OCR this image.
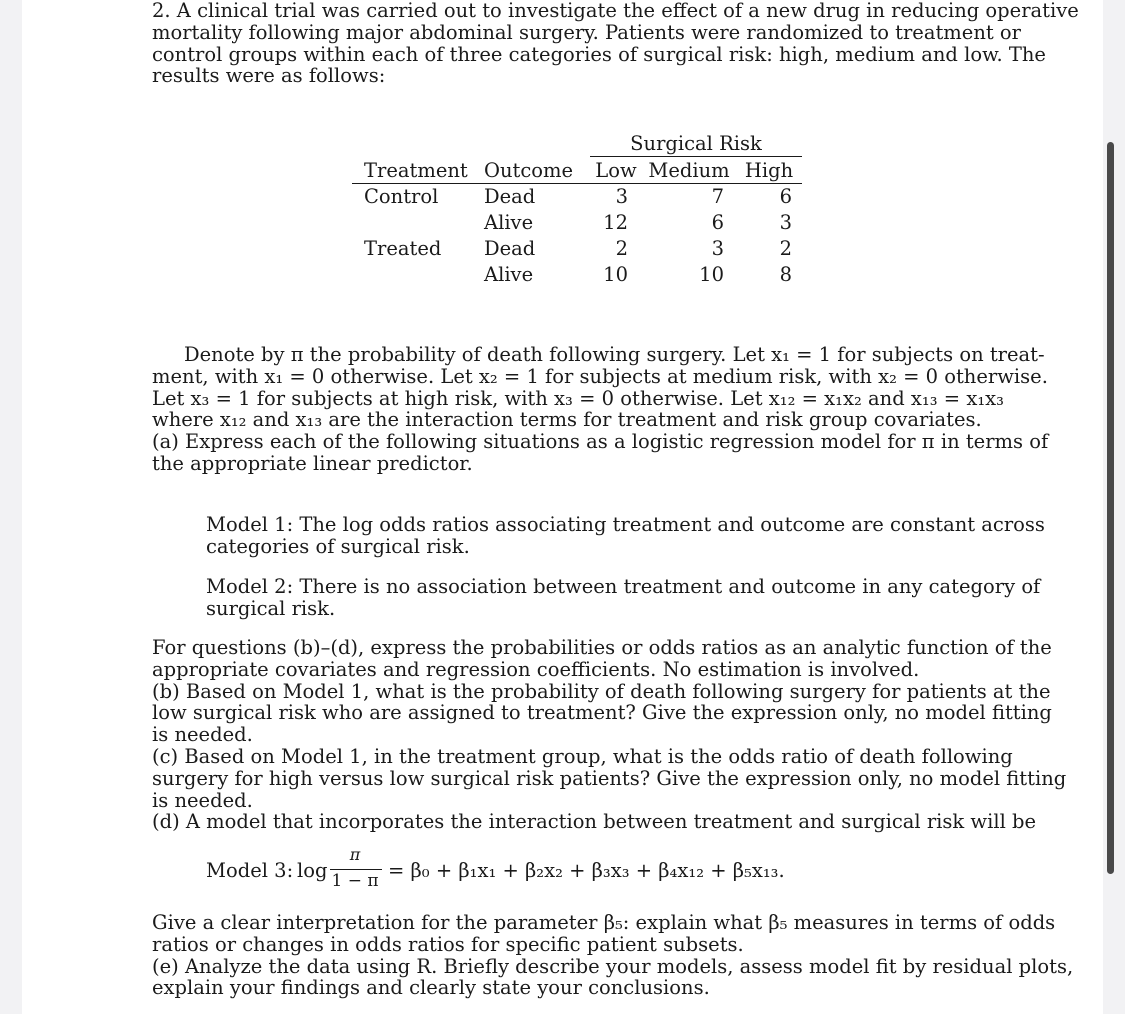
2. A clinical trial was carried out to investigate the effect of a new drug in reducing operative
mortality following major abdominal surgery. Patients were randomized to treatment or
control groups within each of three categories of surgical risk: high, medium and low. The
results were as follows:
Surgical Risk
Treatment Outcome	Low Medium High
Control Dead	3	7	6
Alive	12	6	3
Treated Dead	2	3	2
Alive	10	10	8
Denote by π the probability of death following surgery. Let x₁ = 1 for subjects on treat-
ment, with x₁ = 0 otherwise. Let x₂ = 1 for subjects at medium risk, with x₂ = 0 otherwise.
Let x₃ = 1 for subjects at high risk, with x₃ = 0 otherwise. Let x₁₂ = x₁x₂ and x₁₃ = x₁x₃
where x₁₂ and x₁₃ are the interaction terms for treatment and risk group covariates.
(a) Express each of the following situations as a logistic regression model for π in terms of
the appropriate linear predictor.
Model 1: The log odds ratios associating treatment and outcome are constant across
categories of surgical risk.
Model 2: There is no association between treatment and outcome in any category of
surgical risk.
For questions (b)–(d), express the probabilities or odds ratios as an analytic function of the
appropriate covariates and regression coefficients. No estimation is involved.
(b) Based on Model 1, what is the probability of death following surgery for patients at the
low surgical risk who are assigned to treatment? Give the expression only, no model fitting
is needed.
(c) Based on Model 1, in the treatment group, what is the odds ratio of death following
surgery for high versus low surgical risk patients? Give the expression only, no model fitting
is needed.
(d) A model that incorporates the interaction between treatment and surgical risk will be
Model 3: log
π
1 − π = β₀ + β₁x₁ + β₂x₂ + β₃x₃ + β₄x₁₂ + β₅x₁₃.
Give a clear interpretation for the parameter β₅: explain what β₅ measures in terms of odds
ratios or changes in odds ratios for specific patient subsets.
(e) Analyze the data using R. Briefly describe your models, assess model fit by residual plots,
explain your findings and clearly state your conclusions.
